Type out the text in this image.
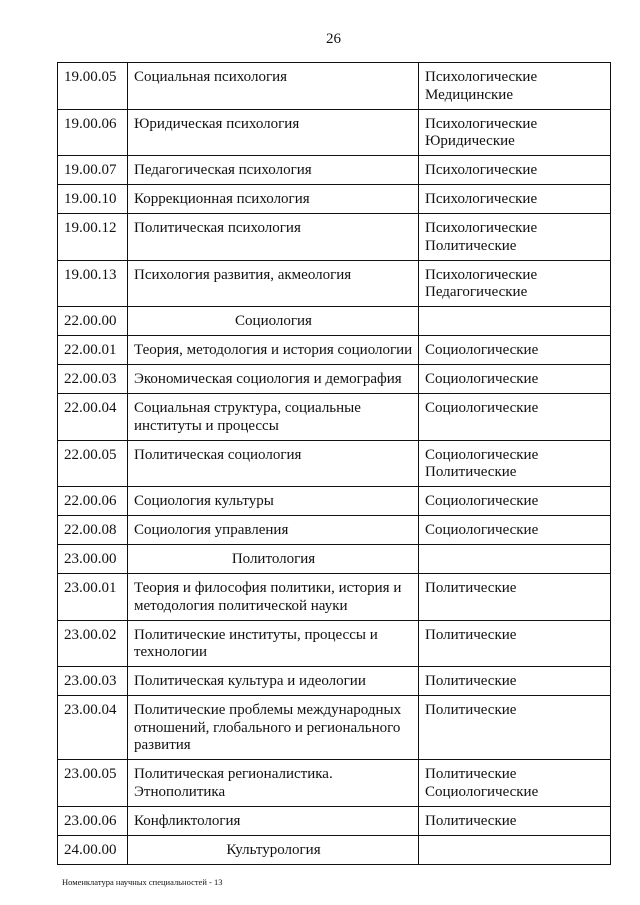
26
19.00.05	Социальная психология	Психологические
Медицинские

19.00.06	Юридическая психология	Психологические
Юридические

19.00.07	Педагогическая психология	Психологические

19.00.10	Коррекционная психология	Психологические

19.00.12	Политическая психология	Психологические
Политические

19.00.13	Психология развития, акмеология	Психологические
Педагогические

22.00.00	Социология	

22.00.01	Теория, методология и история социологии	Социологические

22.00.03	Экономическая социология и демография	Социологические

22.00.04	Социальная структура, социальные
институты и процессы	Социологические

22.00.05	Политическая социология	Социологические
Политические

22.00.06	Социология культуры	Социологические

22.00.08	Социология управления	Социологические

23.00.00	Политология	

23.00.01	Теория и философия политики, история и
методология политической науки	Политические

23.00.02	Политические институты, процессы и
технологии	Политические

23.00.03	Политическая культура и идеологии	Политические

23.00.04	Политические проблемы международных
отношений, глобального и регионального
развития	Политические

23.00.05	Политическая регионалистика.
Этнополитика	Политические
Социологические

23.00.06	Конфликтология	Политические

24.00.00	Культурология	

Номенклатура научных специальностей - 13
